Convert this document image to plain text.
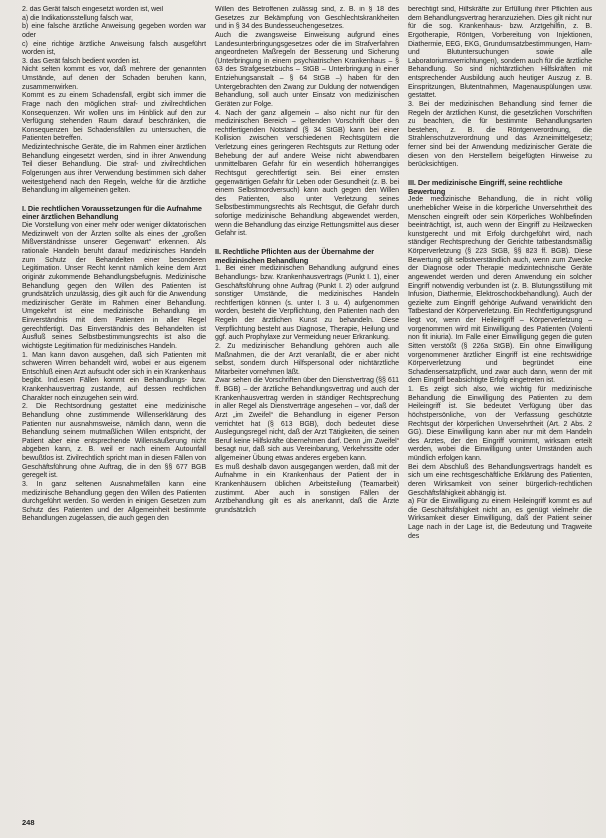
2. das Gerät falsch eingesetzt worden ist, weil

a) die Indikationsstellung falsch war,

b) eine falsche ärztliche Anweisung gegeben worden war oder

c) eine richtige ärztliche Anweisung falsch ausgeführt worden ist,

3. das Gerät falsch bedient worden ist.

Nicht selten kommt es vor, daß mehrere der genannten Umstände, auf denen der Schaden beruhen kann, zusammenwirken.

Kommt es zu einem Schadensfall, ergibt sich immer die Frage nach den möglichen straf- und zivilrechtlichen Konsequenzen. Wir wollen uns im Hinblick auf den zur Verfügung stehenden Raum darauf beschränken, die Konsequenzen bei Schadensfällen zu untersuchen, die Patienten betreffen.

Medizintechnische Geräte, die im Rahmen einer ärztlichen Behandlung eingesetzt werden, sind in ihrer Anwendung Teil dieser Behandlung. Die straf- und zivilrechtlichen Folgerungen aus ihrer Verwendung bestimmen sich daher weitestgehend nach den Regeln, welche für die ärztliche Behandlung im allgemeinen gelten.

I. Die rechtlichen Voraussetzungen für die Aufnahme einer ärztlichen Behandlung

Die Vorstellung von einer mehr oder weniger diktatorischen Medizinwelt von der Ärzten sollte als eines der „großen Mißverständnisse unserer Gegenwart“ erkennen. Als rationale Handeln beruht darauf medizinisches Handeln zum Schutz der Behandelten einer besonderen Legitimation. Unser Recht kennt nämlich keine dem Arzt originär zukommende Behandlungsbefugnis. Medizinische Behandlung gegen den Willen des Patienten ist grundsätzlich unzulässig, dies gilt auch für die Anwendung medizinischer Geräte im Rahmen einer Behandlung. Umgekehrt ist eine medizinische Behandlung im Einverständnis mit dem Patienten in aller Regel gerechtfertigt. Das Einverständnis des Behandelten ist Ausfluß seines Selbstbestimmungsrechts ist also die wichtigste Legitimation für medizinisches Handeln.

1. Man kann davon ausgehen, daß sich Patienten mit schweren Wirren behandelt wird, wobei er aus eigenem Entschluß einen Arzt aufsucht oder sich in ein Krankenhaus begibt. Ind.esen Fällen kommt ein Behandlungs- bzw. Krankenhausvertrag zustande, auf dessen rechtlichen Charakter noch einzugehen sein wird.

2. Die Rechtsordnung gestattet eine medizinische Behandlung ohne zustimmende Willenserklärung des Patienten nur ausnahmsweise, nämlich dann, wenn die Behandlung seinem mutmaßlichen Willen entspricht, der Patient aber eine entsprechende Willensäußerung nicht abgeben kann, z. B. weil er nach einem Autounfall bewußtlos ist. Zivilrechtlich spricht man in diesen Fällen von Geschäftsführung ohne Auftrag, die in den §§ 677 BGB geregelt ist.

3. In ganz seltenen Ausnahmefällen kann eine medizinische Behandlung gegen den Willen des Patienten durchgeführt werden. So werden in einigen Gesetzen zum Schutz des Patienten und der Allgemeinheit bestimmte Behandlungen zugelassen, die auch gegen den

Willen des Betroffenen zulässig sind, z. B. in § 18 des Gesetzes zur Bekämpfung von Geschlechtskrankheiten und in § 34 des Bundesseuchengesetzes.

Auch die zwangsweise Einweisung aufgrund eines Landesunterbringungsgesetzes oder die im Strafverfahren angeordneten Maßregeln der Besserung und Sicherung (Unterbringung in einem psychiatrischen Krankenhaus – § 63 des Strafgesetzbuchs – StGB – Unterbringung in einer Entziehungsanstalt – § 64 StGB –) haben für den Untergebrachten den Zwang zur Duldung der notwendigen Behandlung, soll auch unter Einsatz von medizinischen Geräten zur Folge.

4. Nach der ganz allgemein – also nicht nur für den medizinischen Bereich – geltenden Vorschrift über den rechtfertigenden Notstand (§ 34 StGB) kann bei einer Kollision zwischen verschiedenen Rechtsgütern die Verletzung eines geringeren Rechtsguts zur Rettung oder Behebung der auf andere Weise nicht abwendbaren unmittelbaren Gefahr für ein wesentlich höherrangiges Rechtsgut gerechtfertigt sein. Bei einer ernsten gegenwärtigen Gefahr für Leben oder Gesundheit (z. B. bei einem Selbstmordversuch) kann auch gegen den Willen des Patienten, also unter Verletzung seines Selbstbestimmungsrechts als Rechtsgut, die Gefahr durch sofortige medizinische Behandlung abgewendet werden, wenn die Behandlung das einzige Rettungsmittel aus dieser Gefahr ist.

II. Rechtliche Pflichten aus der Übernahme der medizinischen Behandlung

1. Bei einer medizinischen Behandlung aufgrund eines Behandlungs- bzw. Krankenhausvertrags (Punkt I. 1), einer Geschäftsführung ohne Auftrag (Punkt I. 2) oder aufgrund sonstiger Umstände, die medizinisches Handeln rechtfertigen können (s. unter I. 3 u. 4) aufgenommen worden, besteht die Verpflichtung, den Patienten nach den Regeln der ärztlichen Kunst zu behandeln. Diese Verpflichtung besteht aus Diagnose, Therapie, Heilung und ggf. auch Prophylaxe zur Vermeidung neuer Erkrankung.

2. Zu medizinischer Behandlung gehören auch alle Maßnahmen, die der Arzt veranlaßt, die er aber nicht selbst, sondern durch Hilfspersonal oder nichtärztliche Mitarbeiter vornehmen läßt.

Zwar sehen die Vorschriften über den Dienstvertrag (§§ 611 ff. BGB) – der ärztliche Behandlungsvertrag und auch der Krankenhausvertrag werden in ständiger Rechtsprechung in aller Regel als Dienstverträge angesehen – vor, daß der Arzt „im Zweifel“ die Behandlung in eigener Person verrichtet hat (§ 613 BGB), doch bedeutet diese Auslegungsregel nicht, daß der Arzt Tätigkeiten, die seinen Beruf keine Hilfskräfte übernehmen darf. Denn „im Zweifel“ besagt nur, daß sich aus Vereinbarung, Verkehrssitte oder allgemeiner Übung etwas anderes ergeben kann.

Es muß deshalb davon ausgegangen werden, daß mit der Aufnahme in ein Krankenhaus der Patient der in Krankenhäusern üblichen Arbeitsteilung (Teamarbeit) zustimmt. Aber auch in sonstigen Fällen der Arztbehandlung gilt es als anerkannt, daß die Ärzte grundsätzlich

berechtigt sind, Hilfskräfte zur Erfüllung ihrer Pflichten aus dem Behandlungsvertrag heranzuziehen. Dies gilt nicht nur für die sog. Krankenhaus- bzw. Arztgehilfin, z. B. Ergotherapie, Röntgen, Vorbereitung von Injektionen, Diathermie, EEG, EKG, Grundumsatzbestimmungen, Harn- und Blutuntersuchungen sowie alle Laboratoriumsverrichtungen), sondern auch für die ärztliche Behandlung. So sind nichtärztlichen Hilfskräften mit entsprechender Ausbildung auch heutiger Auszug z. B. Einspritzungen, Blutentnahmen, Magenauspülungen usw. gestattet.

3. Bei der medizinischen Behandlung sind ferner die Regeln der ärztlichen Kunst, die gesetzlichen Vorschriften zu beachten, die für bestimmte Behandlungsarten bestehen, z. B. die Röntgenverordnung, die Strahlenschutzverordnung und das Arzneimittelgesetz; ferner sind bei der Anwendung medizinischer Geräte die diesen von den Herstellern beigefügten Hinweise zu berücksichtigen.

III. Der medizinische Eingriff, seine rechtliche Bewertung

Jede medizinische Behandlung, die in nicht völlig unerheblicher Weise in die körperliche Unversehrtheit des Menschen eingreift oder sein Körperliches Wohlbefinden beeinträchtigt, ist, auch wenn der Eingriff zu Heilzwecken kunstgerecht und mit Erfolg durchgeführt wird, nach ständiger Rechtsprechung der Gerichte tatbestandsmäßig Körperverletzung (§ 223 StGB, §§ 823 ff. BGB). Diese Bewertung gilt selbstverständlich auch, wenn zum Zwecke der Diagnose oder Therapie medizintechnische Geräte angewendet werden und deren Anwendung ein solcher Eingriff notwendig verbunden ist (z. B. Blutungsstillung mit Infusion, Diathermie, Elektroschockbehandlung). Auch der gezielte zum Eingriff gehörige Aufwand verwirklicht den Tatbestand der Körperverletzung. Ein Rechtfertigungsgrund liegt vor, wenn der Heileingriff – Körperverletzung – vorgenommen wird mit Einwilligung des Patienten (Volenti non fit iniuria). Im Falle einer Einwilligung gegen die guten Sitten verstößt (§ 226a StGB). Ein ohne Einwilligung vorgenommener ärztlicher Eingriff ist eine rechtswidrige Körperverletzung und begründet eine Schadensersatzpflicht, und zwar auch dann, wenn der mit dem Eingriff beabsichtigte Erfolg eingetreten ist.

1. Es zeigt sich also, wie wichtig für medizinische Behandlung die Einwilligung des Patienten zu dem Heileingriff ist. Sie bedeutet Verfügung über das höchstpersönliche, von der Verfassung geschützte Rechtsgut der körperlichen Unversehrtheit (Art. 2 Abs. 2 GG). Diese Einwilligung kann aber nur mit dem Handeln des Arztes, der den Eingriff vornimmt, wirksam erteilt werden, wobei die Einwilligung unter Umständen auch mündlich erfolgen kann.

Bei dem Abschluß des Behandlungsvertrags handelt es sich um eine rechtsgeschäftliche Erklärung des Patienten, deren Wirksamkeit von seiner bürgerlich-rechtlichen Geschäftsfähigkeit abhängig ist.

a) Für die Einwilligung zu einem Heileingriff kommt es auf die Geschäftsfähigkeit nicht an, es genügt vielmehr die Wirksamkeit dieser Einwilligung, daß der Patient seiner Lage nach in der Lage ist, die Bedeutung und Tragweite des

248
